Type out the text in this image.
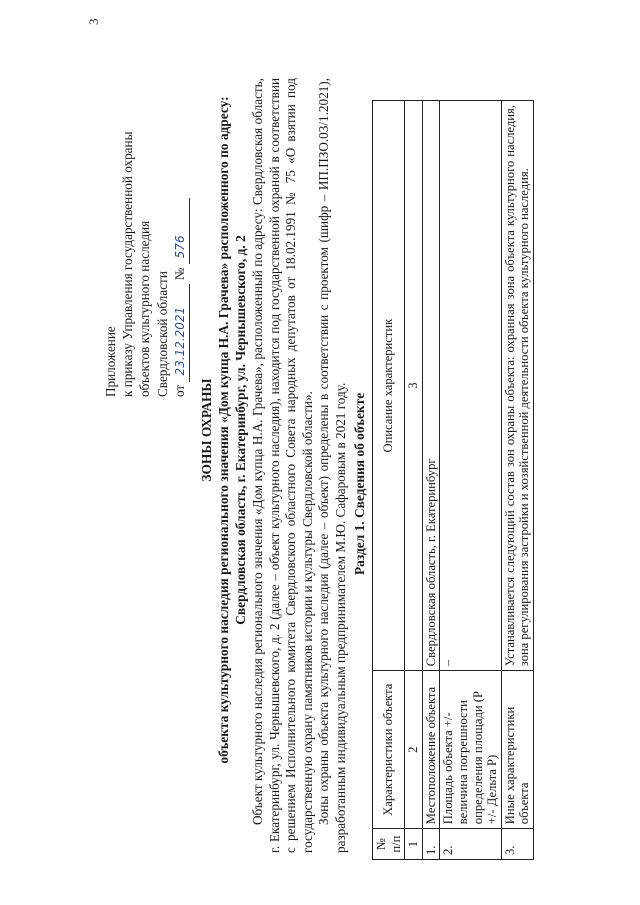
3
Приложение к приказу Управления государственной охраны объектов культурного наследия Свердловской области от 23.12.2021 № 576
ЗОНЫ ОХРАНЫ объекта культурного наследия регионального значения «Дом купца Н.А. Грачева» расположенного по адресу: Свердловская область, г. Екатеринбург, ул. Чернышевского, д. 2 Объект культурного наследия регионального значения «Дом купца Н.А. Грачева», расположенный по адресу: Свердловская область, г. Екатеринбург, ул. Чернышевского, д. 2 (далее – объект культурного наследия), находится под государственной охраной в соответствии с решением Исполнительного комитета Свердловского областного Совета народных депутатов от 18.02.1991 № 75 «О взятии под государственную охрану памятников истории и культуры Свердловской области». Зоны охраны объекта культурного наследия (далее – объект) определены в соответствии с проектом (шифр – ИП.ПЗО.03/1.2021), разработанным индивидуальным предпринимателем М.Ю. Сафаровым в 2021 году. Раздел 1. Сведения об объекте
№ п/п	Характеристики объекта	Описание характеристик
1	2	3
1.	Местоположение объекта	Свердловская область, г. Екатеринбург
2.	Площадь объекта +/- величина погрешности определения площади (P +/- Дельта P)	–
3.	Иные характеристики объекта	Устанавливается следующий состав зон охраны объекта: охранная зона объекта культурного наследия, зона регулирования застройки и хозяйственной деятельности объекта культурного наследия.
